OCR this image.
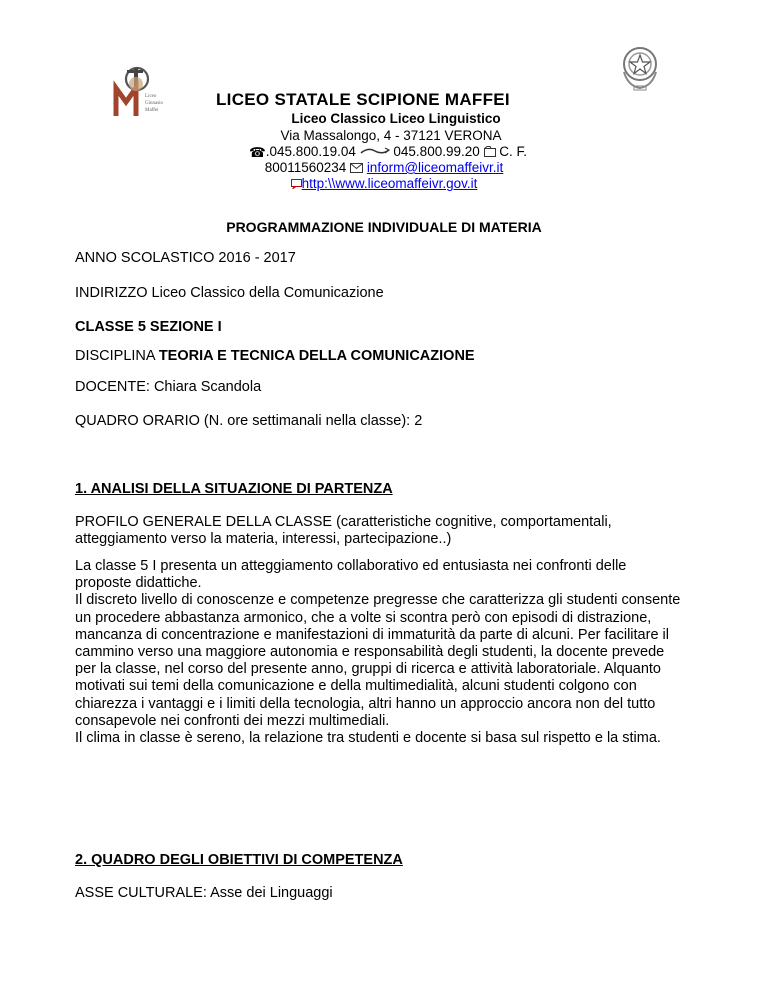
Liceo
Ginnasio
Maffei
LICEO STATALE SCIPIONE MAFFEI
Liceo Classico Liceo Linguistico
Via Massalongo, 4 - 37121 VERONA
☎.045.800.19.04	045.800.99.20 C. F.
80011560234 inform@liceomaffeivr.it
http:\\www.liceomaffeivr.gov.it
PROGRAMMAZIONE INDIVIDUALE DI MATERIA
ANNO SCOLASTICO 2016 - 2017
INDIRIZZO Liceo Classico della Comunicazione
CLASSE 5 SEZIONE I
DISCIPLINA TEORIA E TECNICA DELLA COMUNICAZIONE
DOCENTE: Chiara Scandola
QUADRO ORARIO (N. ore settimanali nella classe): 2
1. ANALISI DELLA SITUAZIONE DI PARTENZA
PROFILO GENERALE DELLA CLASSE (caratteristiche cognitive, comportamentali, atteggiamento verso la materia, interessi, partecipazione..)

La classe 5 I presenta un atteggiamento collaborativo ed entusiasta nei confronti delle proposte didattiche.

Il discreto livello di conoscenze e competenze pregresse che caratterizza gli studenti consente un procedere abbastanza armonico, che a volte si scontra però con episodi di distrazione, mancanza di concentrazione e manifestazioni di immaturità da parte di alcuni. Per facilitare il cammino verso una maggiore autonomia e responsabilità degli studenti, la docente prevede per la classe, nel corso del presente anno, gruppi di ricerca e attività laboratoriale. Alquanto motivati sui temi della comunicazione e della multimedialità, alcuni studenti colgono con chiarezza i vantaggi e i limiti della tecnologia, altri hanno un approccio ancora non del tutto consapevole nei confronti dei mezzi multimediali.

Il clima in classe è sereno, la relazione tra studenti e docente si basa sul rispetto e la stima.

2. QUADRO DEGLI OBIETTIVI DI COMPETENZA
ASSE CULTURALE: Asse dei Linguaggi
